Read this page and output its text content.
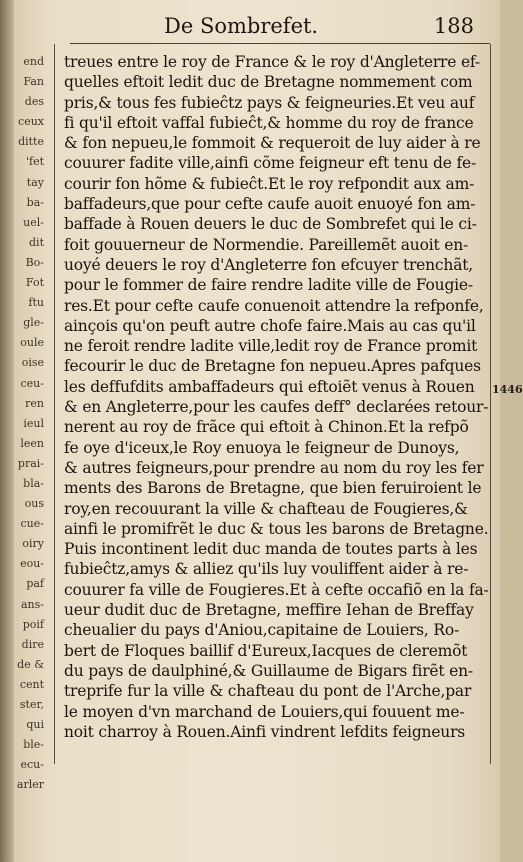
end
Fan
des
ceux
ditte
'fet
tay
ba-
uel-
dit
Bo-
Fot
ftu
gle-
oule
oise
ceu-
ren
ieul
leen
prai-
bla-
ous
cue-
oiry
eou-
paf
ans-
poif
dire
de &
cent
ster,
qui
ble-
ecu-
arler
De Sombrefet.	188
treues entre le roy de France & le roy d'Angleterre ef-
quelles eftoit ledit duc de Bretagne nommement com
pris,& tous fes fubieĉtz pays & feigneuries.Et veu auf
fi qu'il eftoit vaffal fubieĉt,& homme du roy de france
& fon nepueu,le fommoit & requeroit de luy aider à re
couurer fadite ville,ainfi cõme feigneur eft tenu de fe-
courir fon hõme & fubieĉt.Et le roy refpondit aux am-
baffadeurs,que pour cefte caufe auoit enuoyé fon am-
baffade à Rouen deuers le duc de Sombrefet qui le ci-
foit gouuerneur de Normendie. Pareillemẽt auoit en-
uoyé deuers le roy d'Angleterre fon efcuyer trenchãt,
pour le fommer de faire rendre ladite ville de Fougie-
res.Et pour cefte caufe conuenoit attendre la refponfe,
ainçois qu'on peuft autre chofe faire.Mais au cas qu'il
ne feroit rendre ladite ville,ledit roy de France promit
fecourir le duc de Bretagne fon nepueu.Apres pafques
les deffufdits ambaffadeurs qui eftoiẽt venus à Rouen
& en Angleterre,pour les caufes deff° declarées retour-
nerent au roy de frãce qui eftoit à Chinon.Et la refpõ
fe oye d'iceux,le Roy enuoya le feigneur de Dunoys,
& autres feigneurs,pour prendre au nom du roy les fer
ments des Barons de Bretagne, que bien feruiroient le
roy,en recouurant la ville & chafteau de Fougieres,&
ainfi le promifrẽt le duc & tous les barons de Bretagne.
Puis incontinent ledit duc manda de toutes parts à les
fubieĉtz,amys & alliez qu'ils luy vouliffent aider à re-
couurer fa ville de Fougieres.Et à cefte occafiõ en la fa-
ueur dudit duc de Bretagne, meffire Iehan de Breffay
cheualier du pays d'Aniou,capitaine de Louiers, Ro-
bert de Floques baillif d'Eureux,Iacques de cleremõt
du pays de daulphiné,& Guillaume de Bigars firẽt en-
treprife fur la ville & chafteau du pont de l'Arche,par
le moyen d'vn marchand de Louiers,qui fouuent me-
noit charroy à Rouen.Ainfi vindrent lefdits feigneurs
1446
